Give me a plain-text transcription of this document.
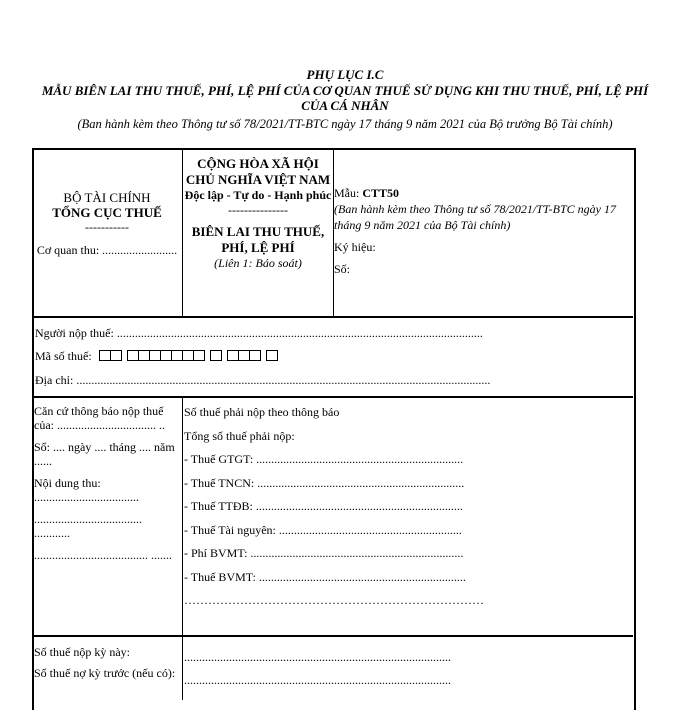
PHỤ LỤC I.C
MẪU BIÊN LAI THU THUẾ, PHÍ, LỆ PHÍ CỦA CƠ QUAN THUẾ SỬ DỤNG KHI THU THUẾ, PHÍ, LỆ PHÍ CỦA CÁ NHÂN
(Ban hành kèm theo Thông tư số 78/2021/TT-BTC ngày 17 tháng 9 năm 2021 của Bộ trưởng Bộ Tài chính)
BỘ TÀI CHÍNH
TỔNG CỤC THUẾ
-----------
Cơ quan thu: .........................
CỘNG HÒA XÃ HỘI CHỦ NGHĨA VIỆT NAM
Độc lập - Tự do - Hạnh phúc
---------------
BIÊN LAI THU THUẾ, PHÍ, LỆ PHÍ
(Liên 1: Báo soát)
Mẫu: CTT50
(Ban hành kèm theo Thông tư số 78/2021/TT-BTC ngày 17 tháng 9 năm 2021 của Bộ Tài chính)
Ký hiệu:
Số:
Người nộp thuế: ..........................................................................................................................
Mã số thuế:
Địa chỉ: ..........................................................................................................................................
Căn cứ thông báo nộp thuế của: ................................. ..
Số: .... ngày .... tháng .... năm ......
Nội dung thu: ...................................
.................................... ............
...................................... .......
Số thuế phải nộp theo thông báo
Tổng số thuế phải nộp:
- Thuế GTGT: .....................................................................
- Thuế TNCN: .....................................................................
- Thuế TTĐB: .....................................................................
- Thuế Tài nguyên: .............................................................
- Phí BVMT: .......................................................................
- Thuế BVMT: .....................................................................
…………………………………………………………………
Số thuế nộp kỳ này:
Số thuế nợ kỳ trước (nếu có):
.........................................................................................
.........................................................................................
